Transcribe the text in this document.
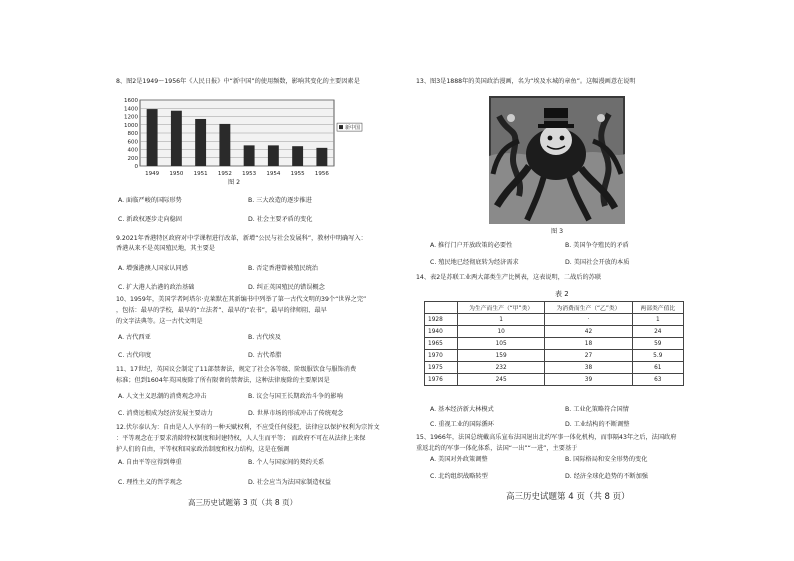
8、图2是1949～1956年《人民日报》中“新中国”的使用频数，影响其变化的主要因素是
1600
1400
1200
1000
800
600
400
200
0
1949 1950 1951 1952 1953 1954 1955 1956
新中国
图 2
A. 面临严峻的国际形势	B. 三大改造的逐步推进
C. 新政权逐步走向稳固	D. 社会主要矛盾的变化
9.2021年香港特区政府对中学课程进行改革，新增“公民与社会发展科”，教材中明确写入：
香港从来不是英国殖民地，其主要是
A. 增强港澳人国家认同感	B. 否定香港曾被殖民统治
C. 扩大港人治港的政治基础	D. 纠正英国殖民的错误概念
10、1959年，美国学者阿塔尔·克莱默在其新编书中列举了第一古代文明的39个“世界之完”
，包括：最早的学校，最早的“立法者”、最早的“农书”，最早的律师阻、最早
的文字法典等。这一古代文明是
A. 古代西亚	B. 古代埃及
C. 古代印度	D. 古代希腊
11、17世纪，英国议会制定了11部禁奢法，规定了社会各等级、阶级服饮食与服饰消费
标准；但到1604年英国废除了所有限奢的禁奢法，这种法律废除的主要原因是
A. 人文主义思潮的消费观念冲击	B. 议会与国王长期政治斗争的影响
C. 消费远根成为经济发展主要动力	D. 世界市场的形成冲击了传统观念
12.伏尔泰认为：自由是人人享有的一种天赋权利，不应受任何侵犯，法律应以保护权利为宗旨文
：平等观念在于要求消除特权制度和封建特权，人人生而平等； 而政府不可在从法律上来保
护人们的自由，平等权和国家政治制度和权力结构，这是在强调
A. 自由平等应得到尊重	B. 个人与国家间的契约关系
C. 理性主义的哲学观念	D. 社会应当为法国家制造权益
高三历史试题第 3 页（共 8 页）
13、图3是1888年的美国政治漫画，名为“埃及水城的章鱼”。这幅漫画意在说明
图 3
A. 推行门户开放政策的必要性	B. 美国争夺殖民的矛盾
C. 殖民地已经彻底转为经济需求	D. 美国社会开放的本质
14、表2是苏联工业两大部类生产比例表，这表说明，二战后的苏联
表 2
	为生产而生产（“甲”类）	为消费而生产（“乙”类）	两部类产值比
1928	1	·	1
1940	10	42	24
1965	105	18	59
1970	159	27	5.9
1975	232	38	61
1976	245	39	63
A. 基本经济新大林模式	B. 工业化策略符合国情
C. 重视工业的国际循环	D. 工业结构的不断调整
15、1966年，法国总统戴高乐宣布法国退出北约军事一体化机构，而事隔43年之后，法国政府
重返北约的军事一体化体系，法国“一出”“一进”，主要基于
A. 美国对外政策调整	B. 国际格局和安全形势的变化
C. 北约组织战略转型	D. 经济全球化趋势的不断加强
高三历史试题第 4 页（共 8 页）
